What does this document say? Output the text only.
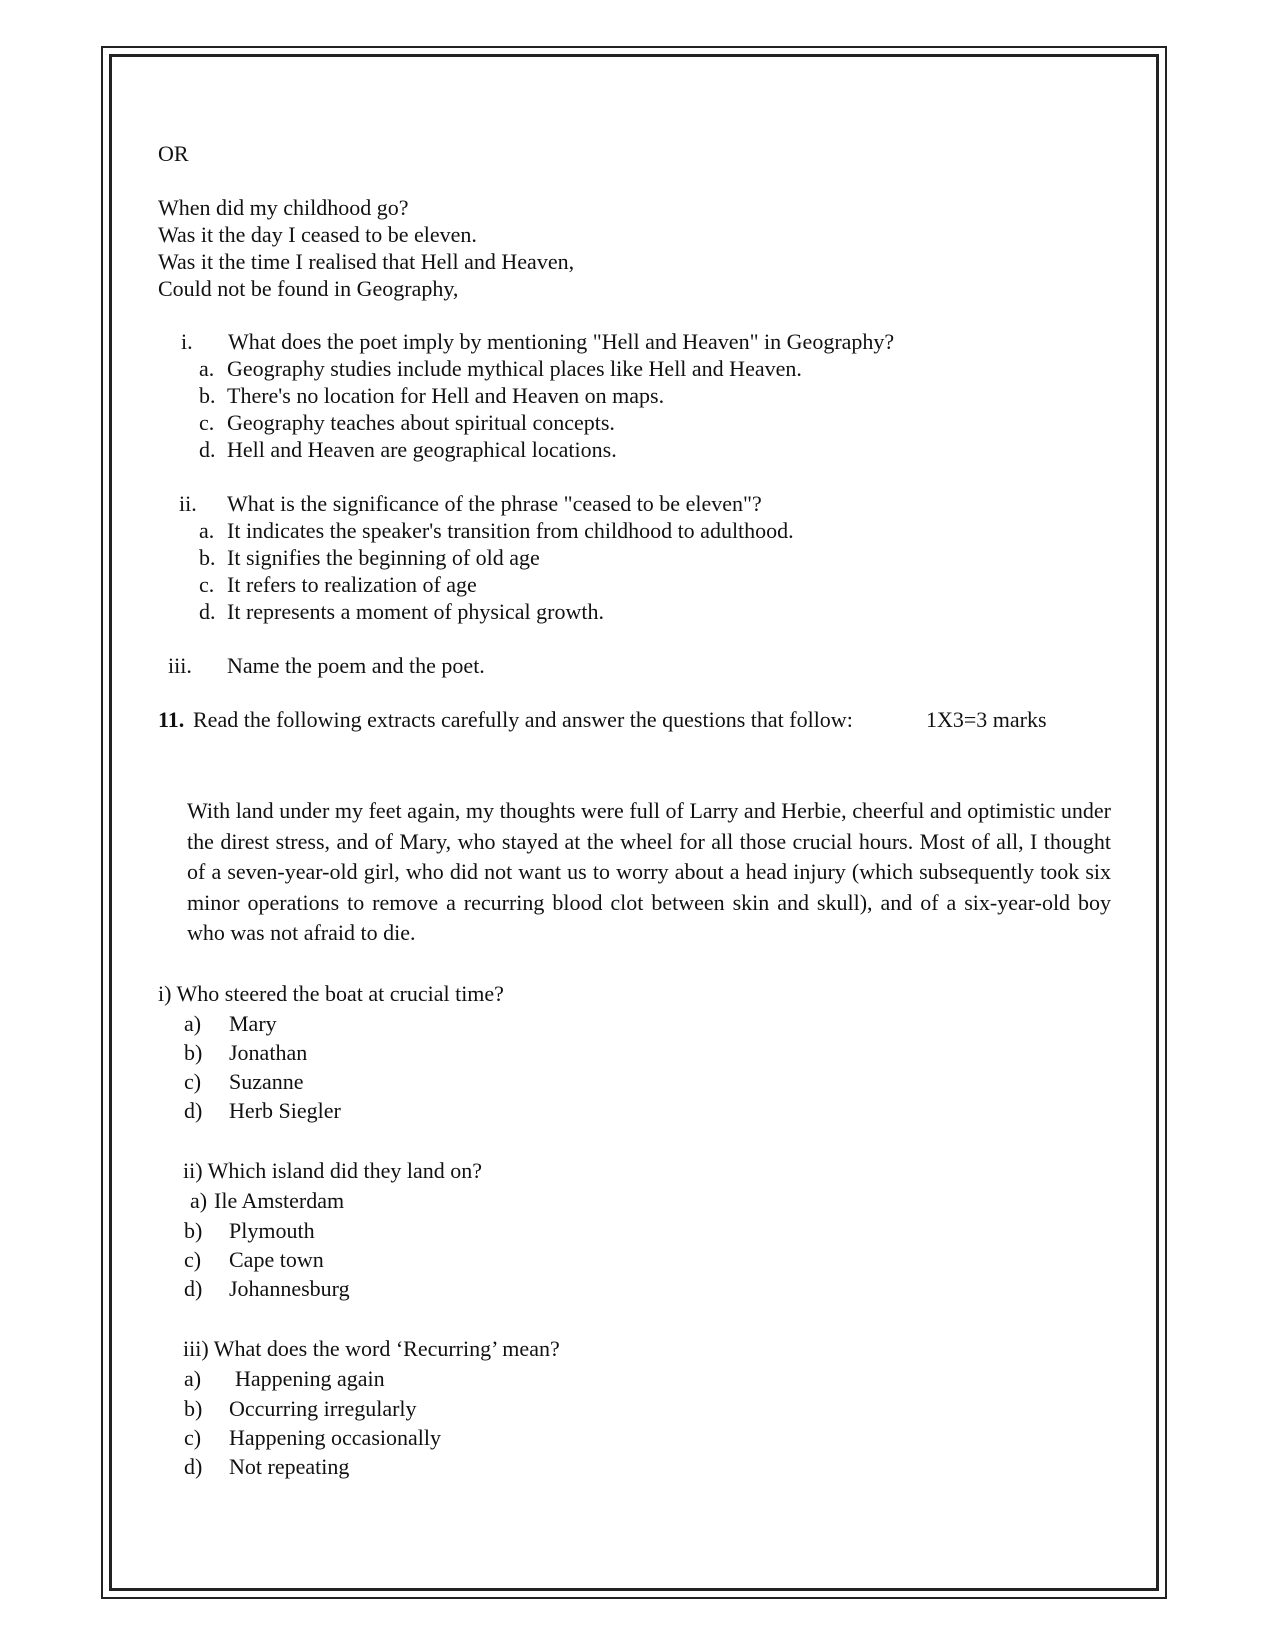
OR
When did my childhood go?
Was it the day I ceased to be eleven.
Was it the time I realised that Hell and Heaven,
Could not be found in Geography,
i. What does the poet imply by mentioning "Hell and Heaven" in Geography?
a. Geography studies include mythical places like Hell and Heaven.
b. There's no location for Hell and Heaven on maps.
c. Geography teaches about spiritual concepts.
d. Hell and Heaven are geographical locations.
ii. What is the significance of the phrase "ceased to be eleven"?
a. It indicates the speaker's transition from childhood to adulthood.
b. It signifies the beginning of old age
c. It refers to realization of age
d. It represents a moment of physical growth.
iii. Name the poem and the poet.
11. Read the following extracts carefully and answer the questions that follow:	1X3=3 marks
With land under my feet again, my thoughts were full of Larry and Herbie, cheerful and optimistic under the direst stress, and of Mary, who stayed at the wheel for all those crucial hours. Most of all, I thought of a seven-year-old girl, who did not want us to worry about a head injury (which subsequently took six minor operations to remove a recurring blood clot between skin and skull), and of a six-year-old boy who was not afraid to die.
i) Who steered the boat at crucial time?
a) Mary
b) Jonathan
c) Suzanne
d) Herb Siegler
ii) Which island did they land on?
a) Ile Amsterdam
b) Plymouth
c) Cape town
d) Johannesburg
iii) What does the word ‘Recurring’ mean?
a) Happening again
b) Occurring irregularly
c) Happening occasionally
d) Not repeating
